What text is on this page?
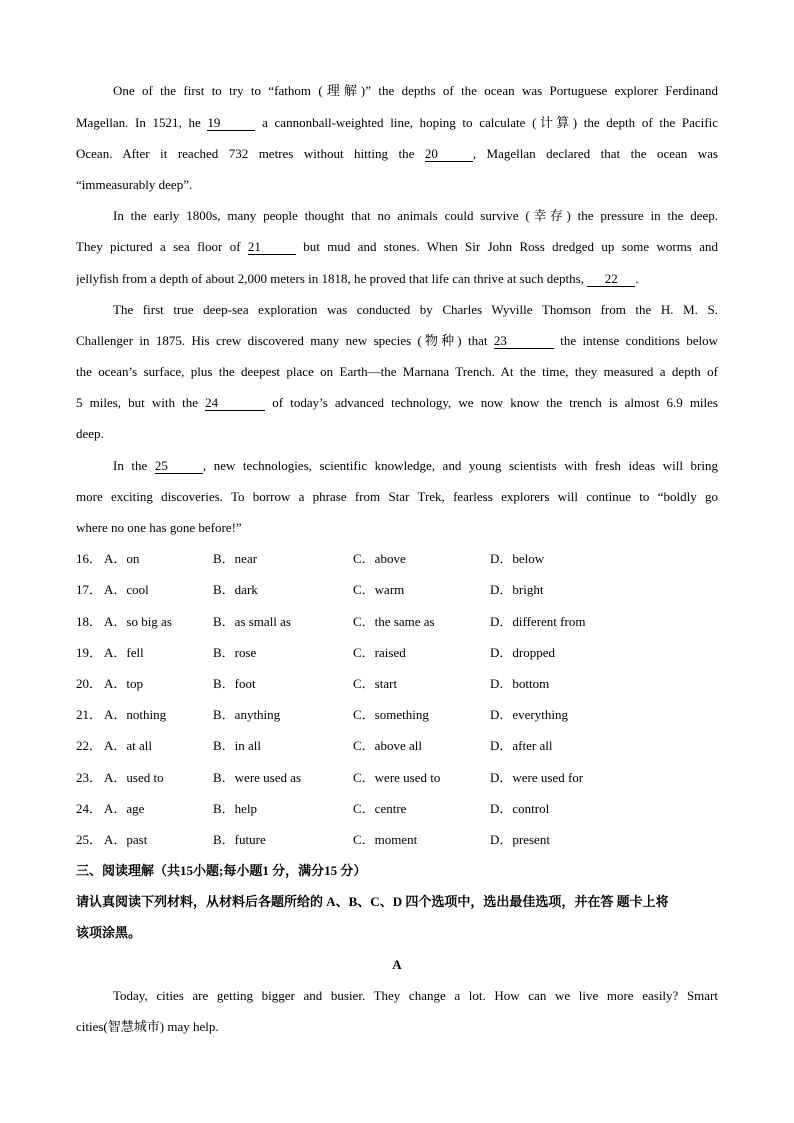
One of the first to try to “fathom (理解)” the depths of the ocean was Portuguese explorer Ferdinand
Magellan. In 1521, he 19	a cannonball-weighted line, hoping to calculate (计算) the depth of the Pacific
Ocean. After it reached 732 metres without hitting the 20	, Magellan declared that the ocean was
“immeasurably deep”.
In the early 1800s, many people thought that no animals could survive (幸存) the pressure in the deep.
They pictured a sea floor of 21	but mud and stones. When Sir John Ross dredged up some worms and
jellyfish from a depth of about 2,000 meters in 1818, he proved that life can thrive at such depths, 22 .
The first true deep-sea exploration was conducted by Charles Wyville Thomson from the H. M. S.
Challenger in 1875. His crew discovered many new species (物种) that 23	the intense conditions below
the ocean’s surface, plus the deepest place on Earth—the Marnana Trench. At the time, they measured a depth of
5 miles, but with the 24	of today’s advanced technology, we now know the trench is almost 6.9 miles
deep.
In the 25	, new technologies, scientific knowledge, and young scientists with fresh ideas will bring
more exciting discoveries. To borrow a phrase from Star Trek, fearless explorers will continue to “boldly go
where no one has gone before!”
16． A．on	B．near	C．above	D．below
17． A．cool	B．dark	C．warm	D．bright
18． A．so big as	B．as small as	C．the same as	D．different from
19． A．fell	B．rose	C．raised	D．dropped
20． A．top	B．foot	C．start	D．bottom
21． A．nothing	B．anything	C．something	D．everything
22． A．at all	B．in all	C．above all	D．after all
23． A．used to	B．were used as	C．were used to	D．were used for
24． A．age	B．help	C．centre	D．control
25． A．past	B．future	C．moment	D．present
三、阅读理解（共15小题;每小题1 分，满分15 分）
请认真阅读下列材料，从材料后各题所给的 A、B、C、D 四个选项中，选出最佳选项，并在答 题卡上将
该项涂黑。
A
Today, cities are getting bigger and busier. They change a lot. How can we live more easily? Smart
cities(智慧城市) may help.
